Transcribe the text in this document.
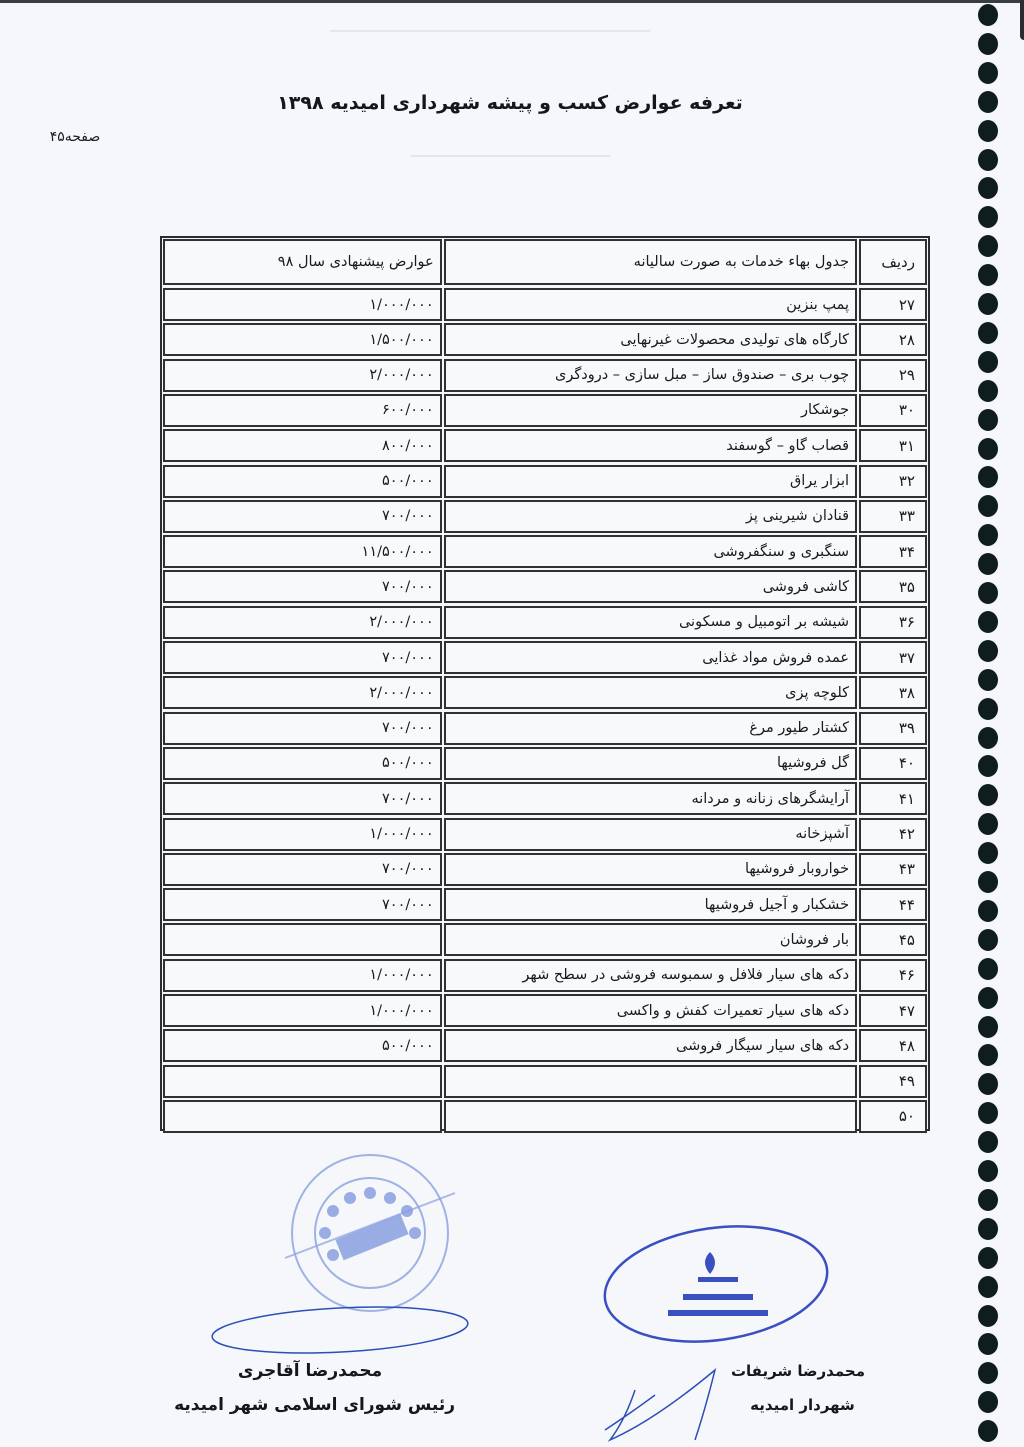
تعرفه عوارض کسب و پیشه شهرداری امیدیه ۱۳۹۸
صفحه۴۵
ردیف
جدول بهاء خدمات به صورت سالیانه
عوارض پیشنهادی سال ۹۸
۲۷
پمپ بنزین
۱/۰۰۰/۰۰۰
۲۸
کارگاه های تولیدی محصولات غیرنهایی
۱/۵۰۰/۰۰۰
۲۹
چوب بری – صندوق ساز – مبل سازی – درودگری
۲/۰۰۰/۰۰۰
۳۰
جوشکار
۶۰۰/۰۰۰
۳۱
قصاب گاو – گوسفند
۸۰۰/۰۰۰
۳۲
ابزار یراق
۵۰۰/۰۰۰
۳۳
قنادان شیرینی پز
۷۰۰/۰۰۰
۳۴
سنگبری و سنگفروشی
۱۱/۵۰۰/۰۰۰
۳۵
کاشی فروشی
۷۰۰/۰۰۰
۳۶
شیشه بر اتومبیل و مسکونی
۲/۰۰۰/۰۰۰
۳۷
عمده فروش مواد غذایی
۷۰۰/۰۰۰
۳۸
کلوچه پزی
۲/۰۰۰/۰۰۰
۳۹
کشتار طیور مرغ
۷۰۰/۰۰۰
۴۰
گل فروشیها
۵۰۰/۰۰۰
۴۱
آرایشگرهای زنانه و مردانه
۷۰۰/۰۰۰
۴۲
آشپزخانه
۱/۰۰۰/۰۰۰
۴۳
خواروبار فروشیها
۷۰۰/۰۰۰
۴۴
خشکبار و آجیل فروشیها
۷۰۰/۰۰۰
۴۵
بار فروشان
۴۶
دکه های سیار فلافل و سمبوسه فروشی در سطح شهر
۱/۰۰۰/۰۰۰
۴۷
دکه های سیار تعمیرات کفش و واکسی
۱/۰۰۰/۰۰۰
۴۸
دکه های سیار سیگار فروشی
۵۰۰/۰۰۰
۴۹
۵۰
محمدرضا آقاجری
رئیس شورای اسلامی شهر امیدیه
محمدرضا شریفات
شهردار امیدیه
